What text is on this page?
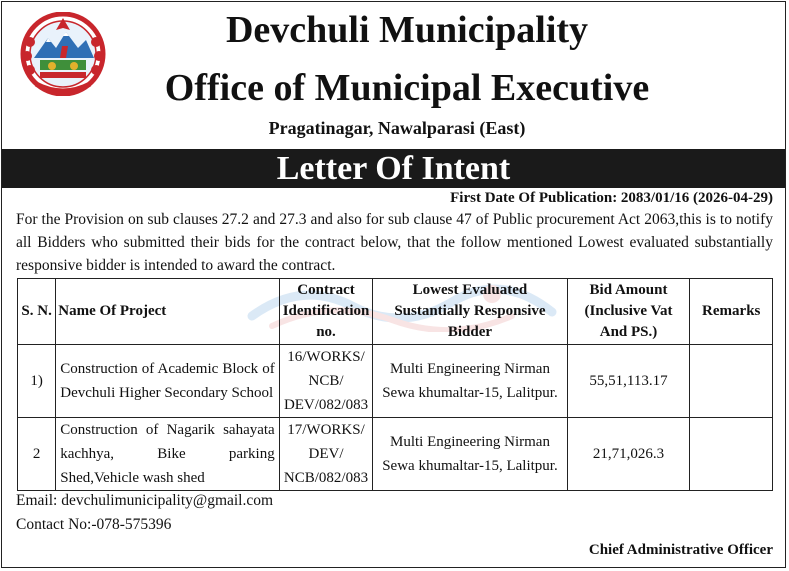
Devchuli Municipality
Office of Municipal Executive
Pragatinagar, Nawalparasi (East)
Letter Of Intent
First Date Of Publication: 2083/01/16 (2026-04-29)
For the Provision on sub clauses 27.2 and 27.3 and also for sub clause 47 of Public procurement Act 2063,this is to notify all Bidders who submitted their bids for the contract below, that the follow mentioned Lowest evaluated substantially responsive bidder is intended to award the contract.
S. N.	Name Of Project	Contract Identification no.	Lowest Evaluated Sustantially Responsive Bidder	Bid Amount (Inclusive Vat And PS.)	Remarks
1)	Construction of Academic Block of Devchuli Higher Secondary School	16/WORKS/ NCB/ DEV/082/083	Multi Engineering Nirman Sewa khumaltar-15, Lalitpur.	55,51,113.17	
2	Construction of Nagarik sahayata kachhya, Bike parking Shed,Vehicle wash shed	17/WORKS/ DEV/ NCB/082/083	Multi Engineering Nirman Sewa khumaltar-15, Lalitpur.	21,71,026.3	
Email: devchulimunicipality@gmail.com
Contact No:-078-575396
Chief Administrative Officer
